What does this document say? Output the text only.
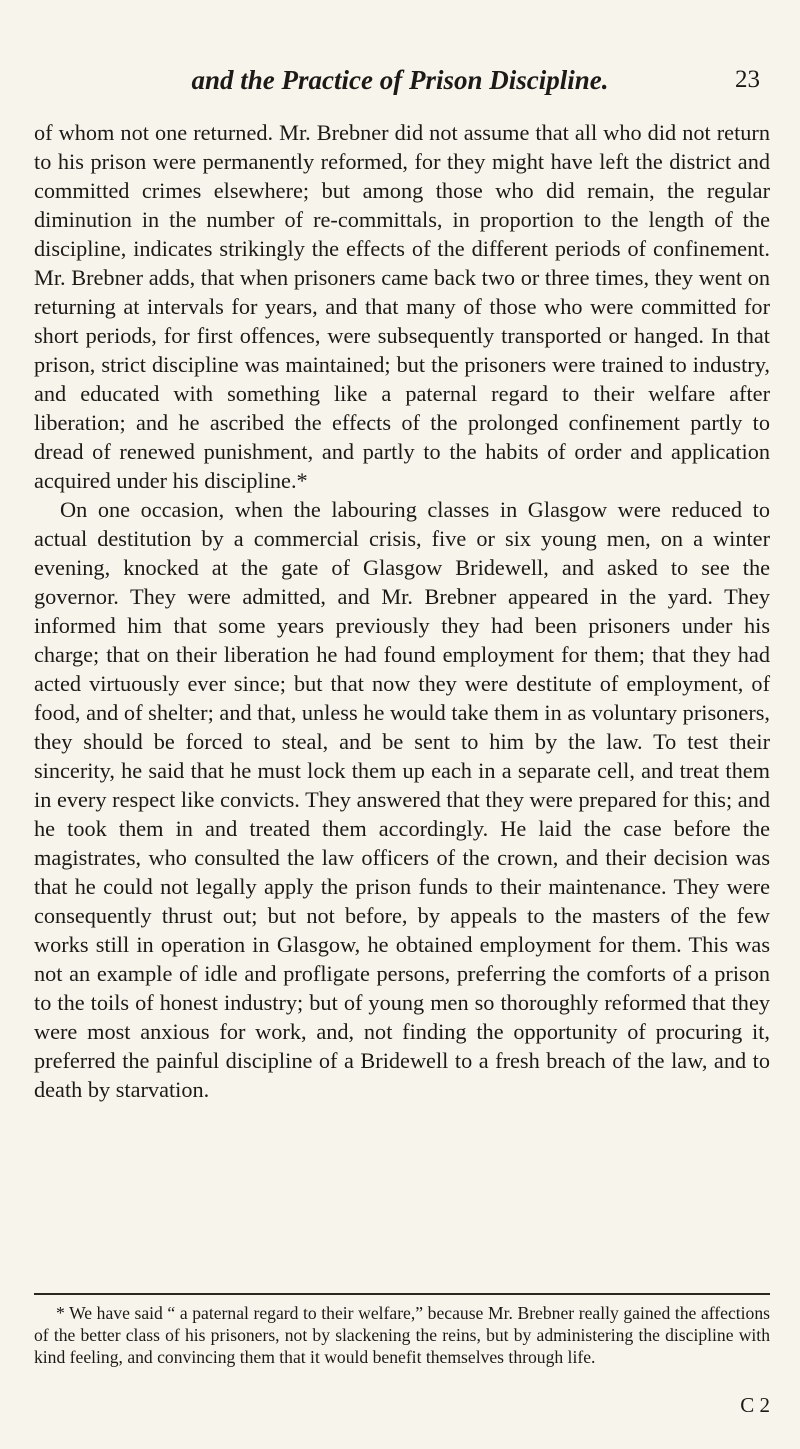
and the Practice of Prison Discipline.	23

of whom not one returned. Mr. Brebner did not assume that all who did not return to his prison were permanently reformed, for they might have left the district and committed crimes elsewhere; but among those who did remain, the regular diminution in the number of re-committals, in proportion to the length of the discipline, indicates strikingly the effects of the different periods of confinement. Mr. Brebner adds, that when prisoners came back two or three times, they went on returning at intervals for years, and that many of those who were committed for short periods, for first offences, were subsequently transported or hanged. In that prison, strict discipline was maintained; but the prisoners were trained to industry, and educated with something like a paternal regard to their welfare after liberation; and he ascribed the effects of the prolonged confinement partly to dread of renewed punishment, and partly to the habits of order and application acquired under his discipline.*

On one occasion, when the labouring classes in Glasgow were reduced to actual destitution by a commercial crisis, five or six young men, on a winter evening, knocked at the gate of Glasgow Bridewell, and asked to see the governor. They were admitted, and Mr. Brebner appeared in the yard. They informed him that some years previously they had been prisoners under his charge; that on their liberation he had found employment for them; that they had acted virtuously ever since; but that now they were destitute of employment, of food, and of shelter; and that, unless he would take them in as voluntary prisoners, they should be forced to steal, and be sent to him by the law. To test their sincerity, he said that he must lock them up each in a separate cell, and treat them in every respect like convicts. They answered that they were prepared for this; and he took them in and treated them accordingly. He laid the case before the magistrates, who consulted the law officers of the crown, and their decision was that he could not legally apply the prison funds to their maintenance. They were consequently thrust out; but not before, by appeals to the masters of the few works still in operation in Glasgow, he obtained employment for them. This was not an example of idle and profligate persons, preferring the comforts of a prison to the toils of honest industry; but of young men so thoroughly reformed that they were most anxious for work, and, not finding the opportunity of procuring it, preferred the painful discipline of a Bridewell to a fresh breach of the law, and to death by starvation.

* We have said “ a paternal regard to their welfare,” because Mr. Brebner really gained the affections of the better class of his prisoners, not by slackening the reins, but by administering the discipline with kind feeling, and convincing them that it would benefit themselves through life.
C 2
